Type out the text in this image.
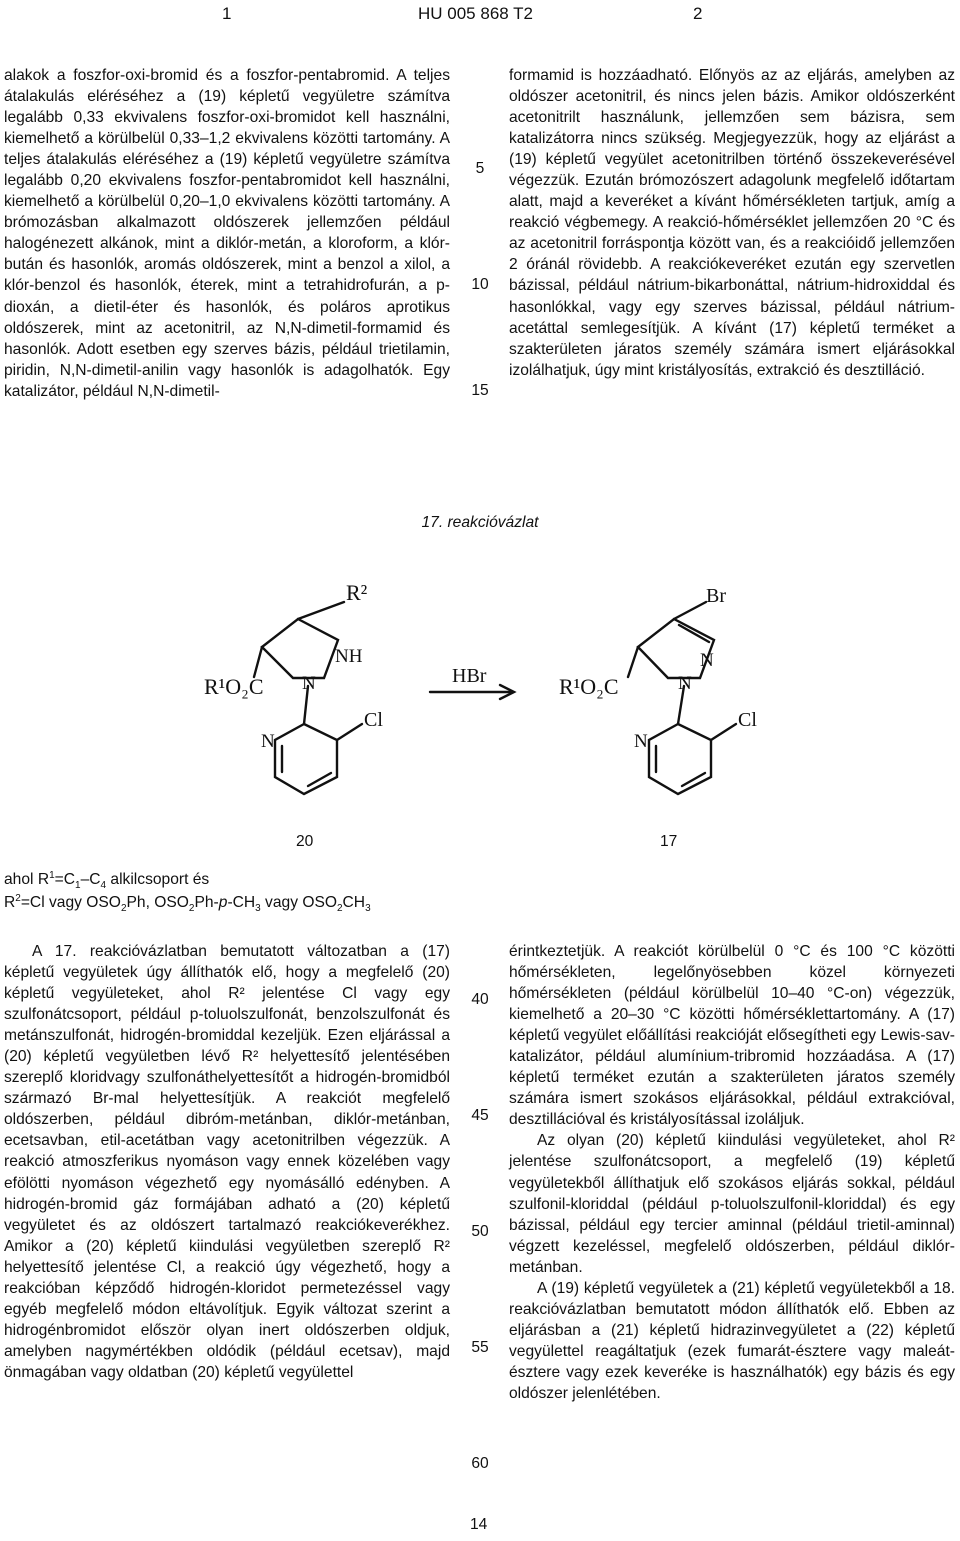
1	HU 005 868 T2	2

alakok a foszfor-oxi-bromid és a foszfor-pentabromid. A teljes átalakulás eléréséhez a (19) képletű vegyületre számítva legalább 0,33 ekvivalens foszfor-oxi-bromidot kell használni, kiemelhető a körülbelül 0,33–1,2 ekvivalens közötti tartomány. A teljes átalakulás eléréséhez a (19) képletű vegyületre számítva legalább 0,20 ekvivalens foszfor-pentabromidot kell használni, kiemelhető a körülbelül 0,20–1,0 ekvivalens közötti tartomány. A brómozásban alkalmazott oldószerek jellemzően például halogénezett alkánok, mint a diklór-metán, a kloroform, a klór-bután és hasonlók, aromás oldószerek, mint a benzol a xilol, a klór-benzol és hasonlók, éterek, mint a tetrahidrofurán, a p-dioxán, a dietil-éter és hasonlók, és poláros aprotikus oldószerek, mint az acetonitril, az N,N-dimetil-formamid és hasonlók. Adott esetben egy szerves bázis, például trietilamin, piridin, N,N-dimetil-anilin vagy hasonlók is adagolhatók. Egy katalizátor, például N,N-dimetil-

formamid is hozzáadható. Előnyös az az eljárás, amelyben az oldószer acetonitril, és nincs jelen bázis. Amikor oldószerként acetonitrilt használunk, jellemzően sem bázisra, sem katalizátorra nincs szükség. Megjegyezzük, hogy az eljárást a (19) képletű vegyület acetonitrilben történő összekeverésével végezzük. Ezután brómozószert adagolunk megfelelő időtartam alatt, majd a keveréket a kívánt hőmérsékleten tartjuk, amíg a reakció végbemegy. A reakció-hőmérséklet jellemzően 20 °C és az acetonitril forráspontja között van, és a reakcióidő jellemzően 2 óránál rövidebb. A reakciókeveréket ezután egy szervetlen bázissal, például nátrium-bikarbonáttal, nátrium-hidroxiddal és hasonlókkal, vagy egy szerves bázissal, például nátrium-acetáttal semlegesítjük. A kívánt (17) képletű terméket a szakterületen járatos személy számára ismert eljárásokkal izolálhatjuk, úgy mint kristályosítás, extrakció és desztilláció.

5
10
15
17. reakcióvázlat
R²
NH
R¹O₂C N
N
Cl
HBr
Br
N
R¹O₂C	N
N
Cl
20	17
ahol $R^1=C_1-C_4$ alkilcsoport és
$R^2=Cl$ vagy $OSO_2Ph$, $OSO_2Ph-p-CH_3$ vagy $OSO_2CH_3$

A 17. reakcióvázlatban bemutatott változatban a (17) képletű vegyületek úgy állíthatók elő, hogy a megfelelő (20) képletű vegyületeket, ahol R² jelentése Cl vagy egy szulfonátcsoport, például p-toluolszulfonát, benzolszulfonát és metánszulfonát, hidrogén-bromiddal kezeljük. Ezen eljárással a (20) képletű vegyületben lévő R² helyettesítő jelentésében szereplő kloridvagy szulfonáthelyettesítőt a hidrogén-bromidból származó Br-mal helyettesítjük. A reakciót megfelelő oldószerben, például dibróm-metánban, diklór-metánban, ecetsavban, etil-acetátban vagy acetonitrilben végezzük. A reakció atmoszferikus nyomáson vagy ennek közelében vagy efölötti nyomáson végezhető egy nyomásálló edényben. A hidrogén-bromid gáz formájában adható a (20) képletű vegyületet és az oldószert tartalmazó reakciókeverékhez. Amikor a (20) képletű kiindulási vegyületben szereplő R² helyettesítő jelentése Cl, a reakció úgy végezhető, hogy a reakcióban képződő hidrogén-kloridot permetezéssel vagy egyéb megfelelő módon eltávolítjuk. Egyik változat szerint a hidrogénbromidot először olyan inert oldószerben oldjuk, amelyben nagymértékben oldódik (például ecetsav), majd önmagában vagy oldatban (20) képletű vegyülettel

érintkeztetjük. A reakciót körülbelül 0 °C és 100 °C közötti hőmérsékleten, legelőnyösebben közel környezeti hőmérsékleten (például körülbelül 10–40 °C-on) végezzük, kiemelhető a 20–30 °C közötti hőmérséklettartomány. A (17) képletű vegyület előállítási reakcióját elősegítheti egy Lewis-sav-katalizátor, például alumínium-tribromid hozzáadása. A (17) képletű terméket ezután a szakterületen járatos személy számára ismert szokásos eljárásokkal, például extrakcióval, desztillációval és kristályosítással izoláljuk.

Az olyan (20) képletű kiindulási vegyületeket, ahol R² jelentése szulfonátcsoport, a megfelelő (19) képletű vegyületekből állíthatjuk elő szokásos eljárás sokkal, például szulfonil-kloriddal (például p-toluolszulfonil-kloriddal) és egy bázissal, például egy tercier aminnal (például trietil-aminnal) végzett kezeléssel, megfelelő oldószerben, például diklór-metánban.

A (19) képletű vegyületek a (21) képletű vegyületekből a 18. reakcióvázlatban bemutatott módon állíthatók elő. Ebben az eljárásban a (21) képletű hidrazinvegyületet a (22) képletű vegyülettel reagáltatjuk (ezek fumarát-észtere vagy maleát-észtere vagy ezek keveréke is használhatók) egy bázis és egy oldószer jelenlétében.

40
45
50
55
60
14
